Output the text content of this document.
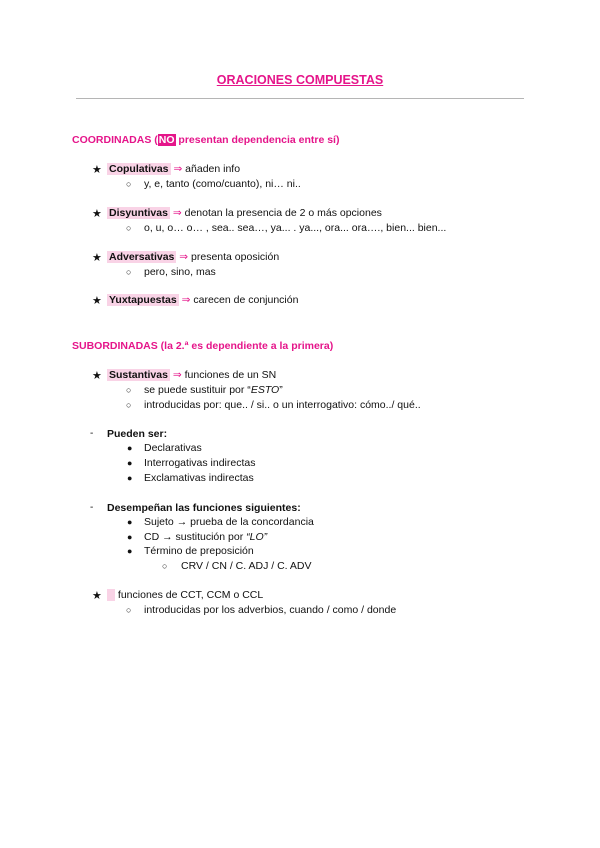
ORACIONES COMPUESTAS
COORDINADAS (NO presentan dependencia entre sí)
★ Copulativas ⇒ añaden info
○ y, e, tanto (como/cuanto), ni… ni..
★ Disyuntivas ⇒ denotan la presencia de 2 o más opciones
○ o, u, o… o… , sea.. sea…, ya... . ya..., ora... ora…., bien... bien...
★ Adversativas ⇒ presenta oposición
○ pero, sino, mas
★ Yuxtapuestas ⇒ carecen de conjunción
SUBORDINADAS (la 2.ª es dependiente a la primera)
★ Sustantivas ⇒ funciones de un SN
○ se puede sustituir por “ESTO”
○ introducidas por: que.. / si.. o un interrogativo: cómo../ qué..
- Pueden ser:
● Declarativas
● Interrogativas indirectas
● Exclamativas indirectas
- Desempeñan las funciones siguientes:
● Sujeto → prueba de la concordancia
● CD → sustitución por “LO”
● Término de preposición
○ CRV / CN / C. ADJ / C. ADV
★	funciones de CCT, CCM o CCL
○ introducidas por los adverbios, cuando / como / donde
